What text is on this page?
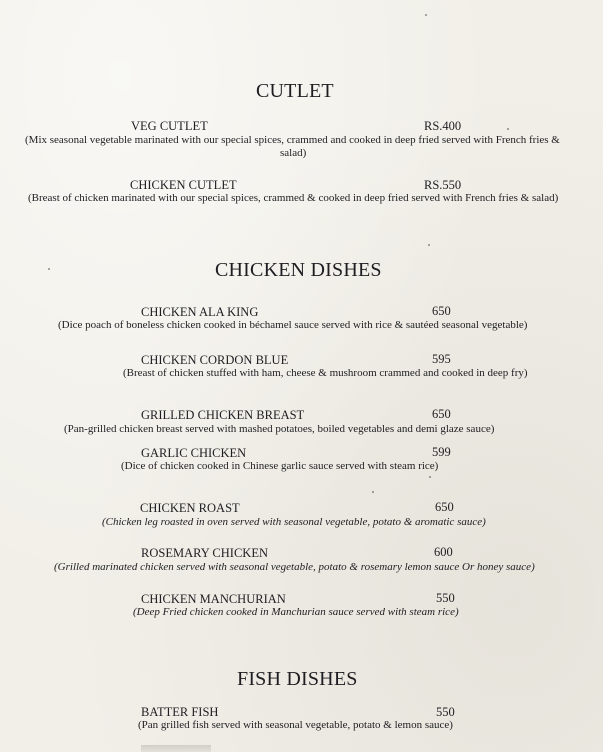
CUTLET
VEG CUTLET	RS.400
(Mix seasonal vegetable marinated with our special spices, crammed and cooked in deep fried served with French fries &
salad)
CHICKEN CUTLET	RS.550
(Breast of chicken marinated with our special spices, crammed & cooked in deep fried served with French fries & salad)
CHICKEN DISHES
CHICKEN ALA KING	650
(Dice poach of boneless chicken cooked in béchamel sauce served with rice & sautéed seasonal vegetable)
CHICKEN CORDON BLUE	595
(Breast of chicken stuffed with ham, cheese & mushroom crammed and cooked in deep fry)
GRILLED CHICKEN BREAST	650
(Pan-grilled chicken breast served with mashed potatoes, boiled vegetables and demi glaze sauce)
GARLIC CHICKEN	599
(Dice of chicken cooked in Chinese garlic sauce served with steam rice)
CHICKEN ROAST	650
(Chicken leg roasted in oven served with seasonal vegetable, potato & aromatic sauce)
ROSEMARY CHICKEN	600
(Grilled marinated chicken served with seasonal vegetable, potato & rosemary lemon sauce Or honey sauce)
CHICKEN MANCHURIAN	550
(Deep Fried chicken cooked in Manchurian sauce served with steam rice)
FISH DISHES
BATTER FISH	550
(Pan grilled fish served with seasonal vegetable, potato & lemon sauce)
